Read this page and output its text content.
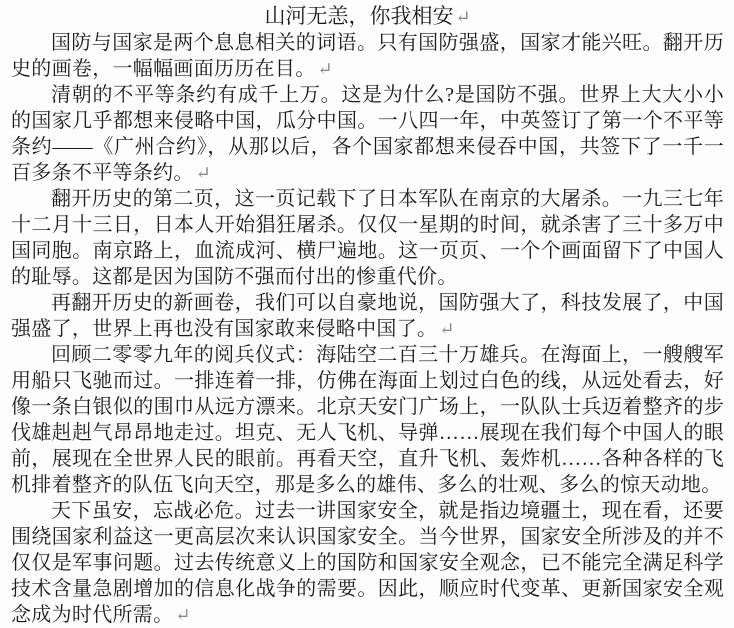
山河无恙，你我相安 ↵

国防与国家是两个息息相关的词语。只有国防强盛，国家才能兴旺。翻开历史的画卷，一幅幅画面历历在目。 ↵

清朝的不平等条约有成千上万。这是为什么?是国防不强。世界上大大小小的国家几乎都想来侵略中国，瓜分中国。一八四一年，中英签订了第一个不平等条约——《广州合约》，从那以后，各个国家都想来侵吞中国，共签下了一千一百多条不平等条约。 ↵

翻开历史的第二页，这一页记载下了日本军队在南京的大屠杀。一九三七年十二月十三日，日本人开始猖狂屠杀。仅仅一星期的时间，就杀害了三十多万中国同胞。南京路上，血流成河、横尸遍地。这一页页、一个个画面留下了中国人的耻辱。这都是因为国防不强而付出的惨重代价。

再翻开历史的新画卷，我们可以自豪地说，国防强大了，科技发展了，中国强盛了，世界上再也没有国家敢来侵略中国了。 ↵

回顾二零零九年的阅兵仪式：海陆空二百三十万雄兵。在海面上，一艘艘军用船只飞驰而过。一排连着一排，仿佛在海面上划过白色的线，从远处看去，好像一条白银似的围巾从远方漂来。北京天安门广场上，一队队士兵迈着整齐的步伐雄赳赳气昂昂地走过。坦克、无人飞机、导弹……展现在我们每个中国人的眼前，展现在全世界人民的眼前。再看天空，直升飞机、轰炸机……各种各样的飞机排着整齐的队伍飞向天空，那是多么的雄伟、多么的壮观、多么的惊天动地。

天下虽安，忘战必危。过去一讲国家安全，就是指边境疆土，现在看，还要围绕国家利益这一更高层次来认识国家安全。当今世界，国家安全所涉及的并不仅仅是军事问题。过去传统意义上的国防和国家安全观念，已不能完全满足科学技术含量急剧增加的信息化战争的需要。因此，顺应时代变革、更新国家安全观念成为时代所需。 ↵
